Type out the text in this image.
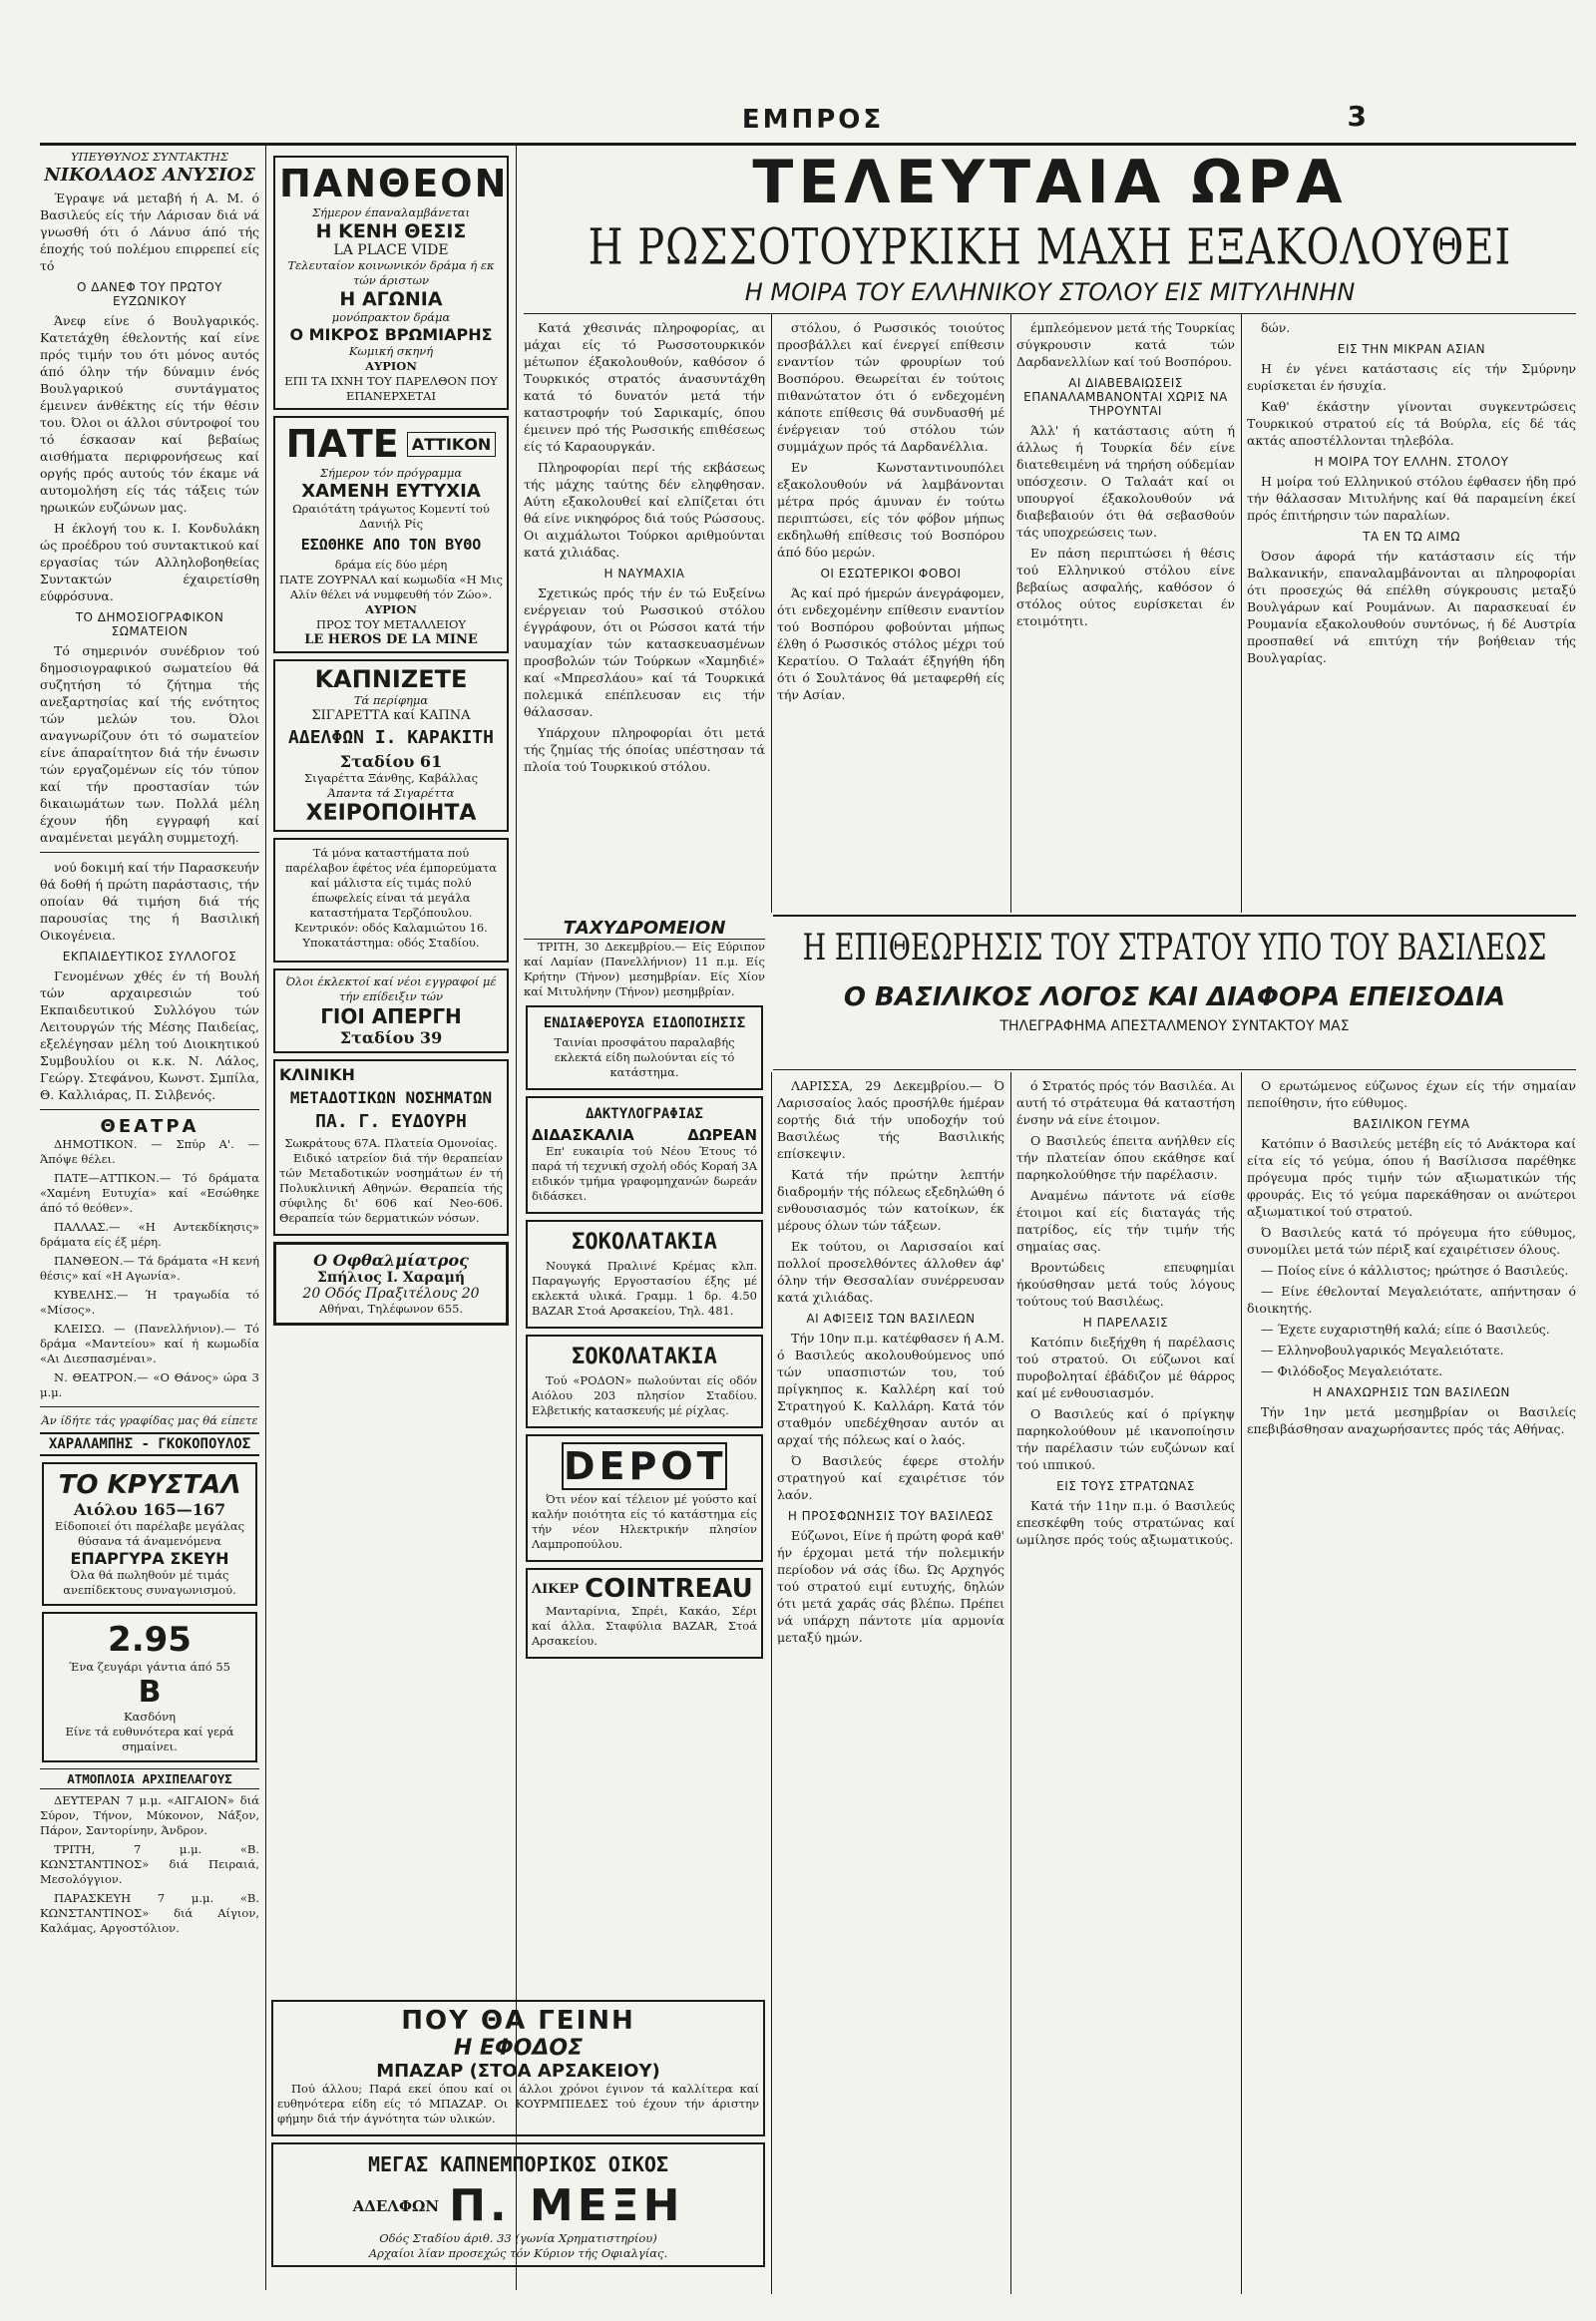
ΕΜΠΡΟΣ	3
ΤΕΛΕΥΤΑΙΑ ΩΡΑ
Η ΡΩΣΣΟΤΟΥΡΚΙΚΗ ΜΑΧΗ ΕΞΑΚΟΛΟΥΘΕΙ
Η ΜΟΙΡΑ ΤΟΥ ΕΛΛΗΝΙΚΟΥ ΣΤΟΛΟΥ ΕΙΣ ΜΙΤΥΛΗΝΗΝ
ΥΠΕΥΘΥΝΟΣ ΣΥΝΤΑΚΤΗΣ
ΝΙΚΟΛΑΟΣ ΑΝΥΣΙΟΣ

Έγραψε νά μεταβή ή Α. Μ. ό Βασιλεύς είς τήν Λάρισαν διά νά γνωσθή ότι ό Λάνυσ άπό τής έποχής τού πολέμου επιρρεπεί είς τό

Ο ΔΑΝΕΦ ΤΟΥ ΠΡΩΤΟΥ ΕΥΖΩΝΙΚΟΥ

Άνεφ είνε ό Βουλγαρικός. Κατετάχθη έθελοντής καί είνε πρός τιμήν του ότι μόνος αυτός άπό όλην τήν δύναμιν ένός Βουλγαρικού συντάγματος έμεινεν άνθέκτης είς τήν θέσιν του. Όλοι οι άλλοι σύντροφοί του τό έσκασαν καί βεβαίως αισθήματα περιφρονήσεως καί οργής πρός αυτούς τόν έκαμε νά αυτομολήση είς τάς τάξεις τών ηρωικών ευζώνων μας.

Η έκλογή του κ. Ι. Κονδυλάκη ώς προέδρου τού συντακτικού καί εργασίας τών Αλληλοβοηθείας Συντακτών έχαιρετίσθη εύφρόσυνα.

ΤΟ ΔΗΜΟΣΙΟΓΡΑΦΙΚΟΝ ΣΩΜΑΤΕΙΟΝ

Τό σημερινόν συνέδριον τού δημοσιογραφικού σωματείου θά συζητήση τό ζήτημα τής ανεξαρτησίας καί τής ενότητος τών μελών του. Όλοι αναγνωρίζουν ότι τό σωματείον είνε άπαραίτητον διά τήν ένωσιν τών εργαζομένων είς τόν τύπον καί τήν προστασίαν τών δικαιωμάτων των. Πολλά μέλη έχουν ήδη εγγραφή καί αναμένεται μεγάλη συμμετοχή.

νού δοκιμή καί τήν Παρασκευήν θά δοθή ή πρώτη παράστασις, τήν οποίαν θά τιμήση διά τής παρουσίας της ή Βασιλική Οικογένεια.

ΕΚΠΑΙΔΕΥΤΙΚΟΣ ΣΥΛΛΟΓΟΣ

Γενομένων χθές έν τή Βουλή τών αρχαιρεσιών τού Εκπαιδευτικού Συλλόγου τών Λειτουργών τής Μέσης Παιδείας, εξελέγησαν μέλη τού Διοικητικού Συμβουλίου οι κ.κ. Ν. Λάλος, Γεώργ. Στεφάνου, Κωνστ. Σμπίλα, Θ. Καλλιάρας, Π. Σιλβενός.

ΘΕΑΤΡΑ

ΔΗΜΟΤΙΚΟΝ. — Σπύρ Α'. — Άπόψε θέλει.

ΠΑΤΕ—ΑΤΤΙΚΟΝ.— Τό δράματα «Χαμένη Ευτυχία» καί «Εσώθηκε άπό τό θεόθεν».

ΠΑΛΛΑΣ.— «Η Αντεκδίκησις» δράματα είς έξ μέρη.

ΠΑΝΘΕΟΝ.— Τά δράματα «Η κενή θέσις» καί «Η Αγωνία».

ΚΥΒΕΛΗΣ.— Ή τραγωδία τό «Μίσος».

ΚΛΕΙΣΩ. — (Πανελλήνιον).— Τό δράμα «Μαντείου» καί ή κωμωδία «Αι Διεσπασμέναι».

Ν. ΘΕΑΤΡΟΝ.— «Ο Θάνος» ώρα 3 μ.μ.

Άν ίδήτε τάς γραφίδας μας θά είπετε
ΧΑΡΑΛΑΜΠΗΣ - ΓΚΟΚΟΠΟΥΛΟΣ
ΤΟ ΚΡΥΣΤΑΛ
Αιόλου 165—167
Είδοποιεί ότι παρέλαβε μεγάλας θύσανα τά άναμενόμενα
ΕΠΑΡΓΥΡΑ ΣΚΕΥΗ
Όλα θά πωληθούν μέ τιμάς ανεπίδεκτους συναγωνισμού.
2.95
Ένα ζευγάρι γάντια άπό 55
Β
Κασδόνη
Είνε τά ευθυνότερα καί γερά σημαίνει.
ΑΤΜΟΠΛΟΙΑ ΑΡΧΙΠΕΛΑΓΟΥΣ

ΔΕΥΤΕΡΑΝ 7 μ.μ. «ΑΙΓΑΙΟΝ» διά Σύρον, Τήνον, Μύκονον, Νάξον, Πάρον, Σαντορίνην, Άνδρον.

ΤΡΙΤΗ, 7 μ.μ. «Β. ΚΩΝΣΤΑΝΤΙΝΟΣ» διά Πειραιά, Μεσολόγγιον.

ΠΑΡΑΣΚΕΥΗ 7 μ.μ. «Β. ΚΩΝΣΤΑΝΤΙΝΟΣ» διά Αίγιον, Καλάμας, Αργοστόλιον.

ΠΑΝΘΕΟΝ
Σήμερον έπαναλαμβάνεται
Η ΚΕΝΗ ΘΕΣΙΣ
LA PLACE VIDE
Τελευταίον κοινωνικόν δράμα ή εκ τών άριστων
Η ΑΓΩΝΙΑ
μονόπρακτον δράμα
Ο ΜΙΚΡΟΣ ΒΡΩΜΙΑΡΗΣ
Κωμική σκηνή
ΑΥΡΙΟΝ
ΕΠΙ ΤΑ ΙΧΝΗ ΤΟΥ ΠΑΡΕΛΘΟΝ ΠΟΥ ΕΠΑΝΕΡΧΕΤΑΙ
ΠΑΤΕ ΑΤΤΙΚΟΝ
Σήμερον τόν πρόγραμμα
ΧΑΜΕΝΗ ΕΥΤΥΧΙΑ
Ωραιότάτη τράγωτος Κομεντί τού Δανιήλ Ρίς
ΕΣΩΘΗΚΕ ΑΠΟ ΤΟΝ ΒΥΘΟ
δράμα είς δύο μέρη
ΠΑΤΕ ΖΟΥΡΝΑΛ καί κωμωδία «Η Μις Αλίν θέλει νά νυμφευθή τόν Ζώο».
ΑΥΡΙΟΝ
ΠΡΟΣ ΤΟΥ ΜΕΤΑΛΛΕΙΟΥ
LE HEROS DE LA MINE
ΚΑΠΝΙΖΕΤΕ
Τά περίφημα
ΣΙΓΑΡΕΤΤΑ καί ΚΑΠΝΑ
ΑΔΕΛΦΩΝ Ι. ΚΑΡΑΚΙΤΗ
Σταδίου 61
Σιγαρέττα Ξάνθης, Καβάλλας
Άπαντα τά Σιγαρέττα
ΧΕΙΡΟΠΟΙΗΤΑ

Τά μόνα καταστήματα πού παρέλαβον έφέτος νέα έμπορεύματα καί μάλιστα είς τιμάς πολύ έπωφελείς είναι τά μεγάλα καταστήματα Τερζόπουλου. Κεντρικόν: οδός Καλαμιώτου 16. Υποκατάστημα: οδός Σταδίου.

Όλοι έκλεκτοί καί νέοι εγγραφοί μέ τήν επίδειξιν τών
ΓΙΟΙ ΑΠΕΡΓΗ
Σταδίου 39
ΚΛΙΝΙΚΗ
ΜΕΤΑΔΟΤΙΚΩΝ ΝΟΣΗΜΑΤΩΝ
ΠΑ. Γ. ΕΥΔΟΥΡΗ
Σωκράτους 67Α. Πλατεία Ομονοίας.

Ειδικό ιατρείον διά τήν θεραπείαν τών Μεταδοτικών νοσημάτων έν τή Πολυκλινική Αθηνών. Θεραπεία τής σύφιλης δι' 606 καί Neo-606. Θεραπεία τών δερματικών νόσων.

Ο Οφθαλμίατρος
Σπήλιος Ι. Χαραμή
20 Οδός Πραξιτέλους 20
Αθήναι, Τηλέφωνον 655.

Κατά χθεσινάς πληροφορίας, αι μάχαι είς τό Ρωσσοτουρκικόν μέτωπον έξακολουθούν, καθόσον ό Τουρκικός στρατός άνασυντάχθη κατά τό δυνατόν μετά τήν καταστροφήν τού Σαρικαμίς, όπου έμεινεν πρό τής Ρωσσικής επιθέσεως είς τό Καραουργκάν.

Πληροφορίαι περί τής εκβάσεως τής μάχης ταύτης δέν εληφθησαν. Αύτη εξακολουθεί καί ελπίζεται ότι θά είνε νικηφόρος διά τούς Ρώσσους. Οι αιχμάλωτοι Τούρκοι αριθμούνται κατά χιλιάδας.

Η ΝΑΥΜΑΧΙΑ

Σχετικώς πρός τήν έν τώ Ευξείνω ενέργειαν τού Ρωσσικού στόλου έγγράφουν, ότι οι Ρώσσοι κατά τήν ναυμαχίαν τών κατασκευασμένων προσβολών τών Τούρκων «Χαμηδιέ» καί «Μπρεσλάου» καί τά Τουρκικά πολεμικά επέπλευσαν εις τήν θάλασσαν.

Υπάρχουν πληροφορίαι ότι μετά τής ζημίας τής όποίας υπέστησαν τά πλοία τού Τουρκικού στόλου.

στόλου, ό Ρωσσικός τοιούτος προσβάλλει καί ένεργεί επίθεσιν εναντίον τών φρουρίων τού Βοσπόρου. Θεωρείται έν τούτοις πιθανώτατον ότι ό ενδεχομένη κάποτε επίθεσις θά συνδυασθή μέ ένέργειαν τού στόλου τών συμμάχων πρός τά Δαρδανέλλια.

Εν Κωνσταντινουπόλει εξακολουθούν νά λαμβάνονται μέτρα πρός άμυναν έν τούτω περιπτώσει, είς τόν φόβον μήπως εκδηλωθή επίθεσις τού Βοσπόρου άπό δύο μερών.

ΟΙ ΕΣΩΤΕΡΙΚΟΙ ΦΟΒΟΙ

Άς καί πρό ήμερών άνεγράφομεν, ότι ενδεχομένην επίθεσιν εναντίον τού Βοσπόρου φοβούνται μήπως έλθη ό Ρωσσικός στόλος μέχρι τού Κερατίου. Ο Ταλαάτ έξηγήθη ήδη ότι ό Σουλτάνος θά μεταφερθή είς τήν Ασίαν.

έμπλεόμενον μετά τής Τουρκίας σύγκρουσιν κατά τών Δαρδανελλίων καί τού Βοσπόρου.

ΑΙ ΔΙΑΒΕΒΑΙΩΣΕΙΣ ΕΠΑΝΑΛΑΜΒΑΝΟΝΤΑΙ ΧΩΡΙΣ ΝΑ ΤΗΡΟΥΝΤΑΙ

Άλλ' ή κατάστασις αύτη ή άλλως ή Τουρκία δέν είνε διατεθειμένη νά τηρήση ούδεμίαν υπόσχεσιν. Ο Ταλαάτ καί οι υπουργοί έξακολουθούν νά διαβεβαιούν ότι θά σεβασθούν τάς υποχρεώσεις των.

Εν πάση περιπτώσει ή θέσις τού Ελληνικού στόλου είνε βεβαίως ασφαλής, καθόσον ό στόλος ούτος ευρίσκεται έν ετοιμότητι.

δών.

ΕΙΣ ΤΗΝ ΜΙΚΡΑΝ ΑΣΙΑΝ

Η έν γένει κατάστασις είς τήν Σμύρνην ευρίσκεται έν ήσυχία.

Καθ' έκάστην γίνονται συγκεντρώσεις Τουρκικού στρατού είς τά Βούρλα, είς δέ τάς ακτάς αποστέλλονται τηλεβόλα.

Η ΜΟΙΡΑ ΤΟΥ ΕΛΛΗΝ. ΣΤΟΛΟΥ

Η μοίρα τού Ελληνικού στόλου έφθασεν ήδη πρό τήν θάλασσαν Μιτυλήνης καί θά παραμείνη έκεί πρός έπιτήρησιν τών παραλίων.

ΤΑ ΕΝ ΤΩ ΑΙΜΩ

Όσον άφορά τήν κατάστασιν είς τήν Βαλκανικήν, επαναλαμβάνονται αι πληροφορίαι ότι προσεχώς θά επέλθη σύγκρουσις μεταξύ Βουλγάρων καί Ρουμάνων. Αι παρασκευαί έν Ρουμανία εξακολουθούν συντόνως, ή δέ Αυστρία προσπαθεί νά επιτύχη τήν βοήθειαν τής Βουλγαρίας.

ΤΑΧΥΔΡΟΜΕΙΟΝ

ΤΡΙΤΗ, 30 Δεκεμβρίου.— Είς Εύριπον καί Λαμίαν (Πανελλήνιον) 11 π.μ. Είς Κρήτην (Τήνον) μεσημβρίαν. Είς Χίον καί Μιτυλήνην (Τήνον) μεσημβρίαν.

ΕΝΔΙΑΦΕΡΟΥΣΑ ΕΙΔΟΠΟΙΗΣΙΣ

Ταινίαι προσφάτου παραλαβής εκλεκτά είδη πωλούνται είς τό κατάστημα.

ΔΑΚΤΥΛΟΓΡΑΦΙΑΣ
ΔΙΔΑΣΚΑΛΙΑ	ΔΩΡΕΑΝ

Επ' ευκαιρία τού Νέου Έτους τό παρά τή τεχνική σχολή οδός Κοραή 3Α ειδικόν τμήμα γραφομηχανών δωρεάν διδάσκει.

ΣΟΚΟΛΑΤΑΚΙΑ

Νουγκά Πραλινέ Κρέμας κλπ. Παραγωγής Εργοστασίου έξης μέ εκλεκτά υλικά. Γραμμ. 1 δρ. 4.50 BAZAR Στοά Αρσακείου, Τηλ. 481.

ΣΟΚΟΛΑΤΑΚΙΑ

Τού «ΡΟΔΟΝ» πωλούνται είς οδόν Αιόλου 203 πλησίον Σταδίου. Ελβετικής κατασκευής μέ ρίχλας.

DEPOT

Ότι νέον καί τέλειον μέ γούστο καί καλήν ποιότητα είς τό κατάστημα είς τήν νέον Ηλεκτρικήν πλησίον Λαμπροπούλου.

ΛΙΚΕΡ COINTREAU

Μανταρίνια, Σπρέι, Κακάο, Σέρι καί άλλα. Σταφύλια BAZAR, Στοά Αρσακείου.

Η ΕΠΙΘΕΩΡΗΣΙΣ ΤΟΥ ΣΤΡΑΤΟΥ ΥΠΟ ΤΟΥ ΒΑΣΙΛΕΩΣ
Ο ΒΑΣΙΛΙΚΟΣ ΛΟΓΟΣ ΚΑΙ ΔΙΑΦΟΡΑ ΕΠΕΙΣΟΔΙΑ
ΤΗΛΕΓΡΑΦΗΜΑ ΑΠΕΣΤΑΛΜΕΝΟΥ ΣΥΝΤΑΚΤΟΥ ΜΑΣ

ΛΑΡΙΣΣΑ, 29 Δεκεμβρίου.— Ό Λαρισσαίος λαός προσήλθε ήμέραν εορτής διά τήν υποδοχήν τού Βασιλέως τής Βασιλικής επίσκεψιν.

Κατά τήν πρώτην λεπτήν διαδρομήν τής πόλεως εξεδηλώθη ό ενθουσιασμός τών κατοίκων, έκ μέρους όλων τών τάξεων.

Εκ τούτου, οι Λαρισσαίοι καί πολλοί προσελθόντες άλλοθεν άφ' όλην τήν Θεσσαλίαν συνέρρευσαν κατά χιλιάδας.

ΑΙ ΑΦΙΞΕΙΣ ΤΩΝ ΒΑΣΙΛΕΩΝ

Τήν 10ην π.μ. κατέφθασεν ή Α.Μ. ό Βασιλεύς ακολουθούμενος υπό τών υπασπιστών του, τού πρίγκηπος κ. Καλλέρη καί τού Στρατηγού Κ. Καλλάρη. Κατά τόν σταθμόν υπεδέχθησαν αυτόν αι αρχαί τής πόλεως καί ο λαός.

Ό Βασιλεύς έφερε στολήν στρατηγού καί εχαιρέτισε τόν λαόν.

Η ΠΡΟΣΦΩΝΗΣΙΣ ΤΟΥ ΒΑΣΙΛΕΩΣ

Εύζωνοι, Είνε ή πρώτη φορά καθ' ήν έρχομαι μετά τήν πολεμικήν περίοδον νά σάς ίδω. Ώς Αρχηγός τού στρατού ειμί ευτυχής, δηλών ότι μετά χαράς σάς βλέπω. Πρέπει νά υπάρχη πάντοτε μία αρμονία μεταξύ ημών.

ό Στρατός πρός τόν Βασιλέα. Αι αυτή τό στράτευμα θά καταστήση ένσην νά είνε έτοιμον.

Ο Βασιλεύς έπειτα ανήλθεν είς τήν πλατείαν όπου εκάθησε καί παρηκολούθησε τήν παρέλασιν.

Αναμένω πάντοτε νά είσθε έτοιμοι καί είς διαταγάς τής πατρίδος, είς τήν τιμήν τής σημαίας σας.

Βροντώδεις επευφημίαι ήκούσθησαν μετά τούς λόγους τούτους τού Βασιλέως.

Η ΠΑΡΕΛΑΣΙΣ

Κατόπιν διεξήχθη ή παρέλασις τού στρατού. Οι εύζωνοι καί πυροβοληταί έβάδιζον μέ θάρρος καί μέ ενθουσιασμόν.

Ο Βασιλεύς καί ό πρίγκηψ παρηκολούθουν μέ ικανοποίησιν τήν παρέλασιν τών ευζώνων καί τού ιππικού.

ΕΙΣ ΤΟΥΣ ΣΤΡΑΤΩΝΑΣ

Κατά τήν 11ην π.μ. ό Βασιλεύς επεσκέφθη τούς στρατώνας καί ωμίλησε πρός τούς αξιωματικούς.

Ο ερωτώμενος εύζωνος έχων είς τήν σημαίαν πεποίθησιν, ήτο εύθυμος.

ΒΑΣΙΛΙΚΟΝ ΓΕΥΜΑ

Κατόπιν ό Βασιλεύς μετέβη είς τό Ανάκτορα καί είτα είς τό γεύμα, όπου ή Βασίλισσα παρέθηκε πρόγευμα πρός τιμήν τών αξιωματικών τής φρουράς. Εις τό γεύμα παρεκάθησαν οι ανώτεροι αξιωματικοί τού στρατού.

Ό Βασιλεύς κατά τό πρόγευμα ήτο εύθυμος, συνομίλει μετά τών πέριξ καί εχαιρέτισεν όλους.

— Ποίος είνε ό κάλλιστος; ηρώτησε ό Βασιλεύς.

— Είνε έθελονταί Μεγαλειότατε, απήντησαν ό διοικητής.

— Έχετε ευχαριστηθή καλά; είπε ό Βασιλεύς.

— Ελληνοβουλγαρικός Μεγαλειότατε.

— Φιλόδοξος Μεγαλειότατε.

Η ΑΝΑΧΩΡΗΣΙΣ ΤΩΝ ΒΑΣΙΛΕΩΝ

Τήν 1ην μετά μεσημβρίαν οι Βασιλείς επεβιβάσθησαν αναχωρήσαντες πρός τάς Αθήνας.

ΠΟΥ ΘΑ ΓΕΙΝΗ
Η ΕΦΟΔΟΣ
ΜΠΑΖΑΡ (ΣΤΟΑ ΑΡΣΑΚΕΙΟΥ)

Πού άλλου; Παρά εκεί όπου καί οι άλλοι χρόνοι έγινον τά καλλίτερα καί ευθηνότερα είδη είς τό ΜΠΑΖΑΡ. Οι ΚΟΥΡΜΠΙΕΔΕΣ τού έχουν τήν άριστην φήμην διά τήν άγνότητα τών υλικών.

ΜΕΓΑΣ ΚΑΠΝΕΜΠΟΡΙΚΟΣ ΟΙΚΟΣ
ΑΔΕΛΦΩΝ Π. ΜΕΞΗ
Οδός Σταδίου άριθ. 33 (γωνία Χρηματιστηρίου)
Αρχαίοι λίαν προσεχώς τόν Κύριον τής Οφιαλγίας.
